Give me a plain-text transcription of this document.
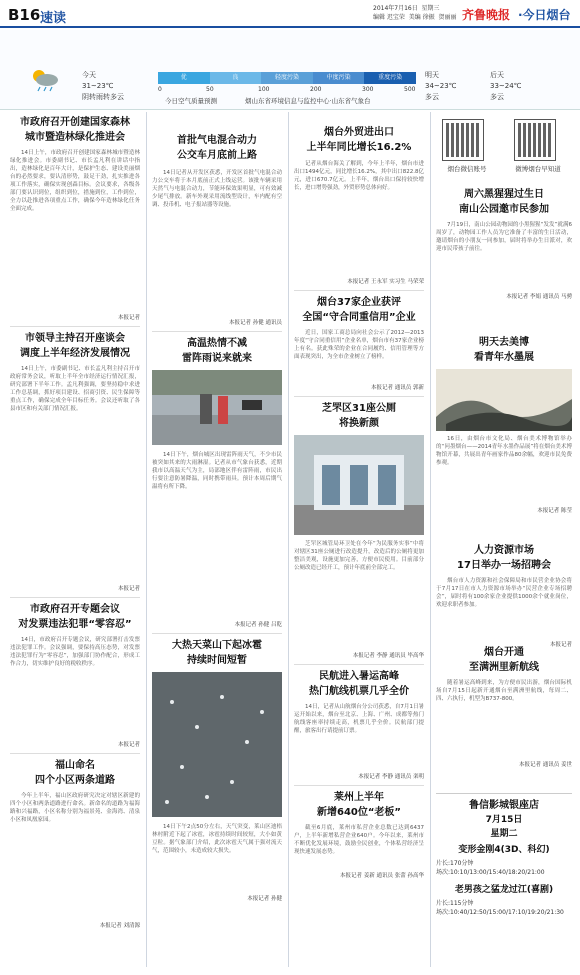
B16 速读
2014年7月16日  星期三
编辑 迟宝荣  美编 徐振  贺丽丽 齐鲁晚报 ·今日烟台
今天
31~23℃
阴转雨转多云
优	良	轻度污染	中度污染	重度污染
0	50	100	200	300	500
今日空气质量预测	烟山东省环境信息与监控中心·山东省气象台
明天
34~23℃
多云
后天
33~24℃
多云
市政府召开创建国家森林
城市暨造林绿化推进会
14日上午，市政府召开创建国家森林城市暨造林绿化推进会。市委副书记、市长孟凡利在讲话中指出，造林绿化是百年大计，是保护生态、建设美丽烟台的必然要求，要认清形势，鼓足干劲，扎实推进各项工作落实，确保实现创森目标。会议要求，各级各部门要认识到位，组织到位，措施到位，工作到位，全力以赴推进各项重点工作，确保今年造林绿化任务全面完成。
本报记者
市领导主持召开座谈会
调度上半年经济发展情况
14日上午，市委副书记、市长孟凡利主持召开市政府常务会议，听取上半年全市经济运行情况汇报，研究部署下半年工作。孟凡利强调，要坚持稳中求进工作总基调，抓好项目建设、招商引资、民生保障等重点工作，确保完成全年目标任务。会议还听取了各县市区和有关部门情况汇报。
本报记者
市政府召开专题会议
对发票违法犯罪“零容忍”
14日，市政府召开专题会议，研究部署打击发票违法犯罪工作。会议强调，要保持高压态势，对发票违法犯罪行为“零容忍”，加强部门协作配合，形成工作合力，切实维护良好的税收秩序。
本报记者
福山命名
四个小区两条道路
今年上半年，福山区政府研究决定对辖区新建的四个小区和两条道路进行命名。新命名的道路为福海路和兴福路，小区名称分别为福景苑、金海湾、清泉小区和凤凰家园。
本报记者 刘清源
首批气电混合动力
公交车月底前上路
14日记者从开发区获悉，开发区首批气电混合动力公交车将于本月底前正式上线运营。该批车辆采用天然气与电混合动力，节能环保效果明显，可有效减少尾气排放。新车外观采用流线型设计，车内配有空调、投币机、电子报站器等设施。
本报记者 孙健 通讯员
高温热情不减
雷阵雨说来就来
14日下午，烟台城区出现雷阵雨天气，不少市民被突如其来的大雨淋湿。记者从市气象台获悉，近期我市以高温天气为主，局部地区伴有雷阵雨，市民出行要注意防暑降温，同时携带雨具。预计本周后期气温将有所下降。
本报记者 孙健 吕乾
大热天菜山下起冰雹
持续时间短暂
14日下午2点50分左右，天气突变，莱山区迪梧林村附近下起了冰雹，冰雹持续时间较短，大小如黄豆粒。据气象部门介绍，此次冰雹天气属于强对流天气，范围较小，未造成较大损失。
本报记者 孙健
烟台外贸进出口
上半年同比增长16.2%
记者从烟台海关了解到，今年上半年，烟台市进出口1494亿元，同比增长16.2%，其中出口822.8亿元，进口670.7亿元。上半年，烟台出口保持较快增长，进口增势强劲，外贸形势总体向好。
本报记者 王永军 实习生 马荣荣
烟台37家企业获评
全国“守合同重信用”企业
近日，国家工商总局向社会公示了2012—2013年度“守合同重信用”企业名单，烟台市有37家企业榜上有名。获此殊荣的企业在合同履约、信用管理等方面表现突出，为全市企业树立了榜样。
本报记者 通讯员 郭新
芝罘区31座公厕
将换新颜
芝罘区城管局环卫处在今年“为民服务实事”中将对辖区31座公厕进行改造提升，改造后的公厕将更加整洁美观，设施更加完善，方便市民使用。目前部分公厕改造已经开工，预计年底前全部完工。
本报记者 李静 通讯员 毕高华
民航进入暑运高峰
热门航线机票几乎全价
14日，记者从山航烟台分公司获悉，自7月1日暑运开始以来，烟台至北京、上海、广州、成都等热门航线客座率持续走高，机票几乎全价。民航部门提醒，旅客出行请提前订票。
本报记者 李静 通讯员 栾明
莱州上半年
新增640位“老板”
截至6月底，莱州市私营企业总数已达到6437户，上半年新增私营企业640户。今年以来，莱州市不断优化发展环境，鼓励全民创业，个体私营经济呈现快速发展态势。
本报记者 姜新 通讯员 张蕾 孙高华
烟台微信账号	微博烟台早知道
周六黑猩猩过生日
南山公园邀市民参加
7月19日，南山公园动物园的小黑猩猩“发发”就满6周岁了，动物园工作人员为它准备了丰富的生日活动，邀请烟台的小朋友一同参加，届时将举办生日派对，欢迎市民带孩子前往。
本报记者 李娟 通讯员 马骋
明天去美博
看青年水墨展
16日，由烟台市文化局、烟台美术博物馆举办的“问墨烟台——2014青年水墨作品展”将在烟台美术博物馆开幕，共展出青年画家作品80余幅，欢迎市民免费参观。
本报记者 陈莹
人力资源市场
17日举办一场招聘会
烟台市人力资源和社会保障局和市民营企业协会将于7月17日在市人力资源市场举办“民营企业专场招聘会”，届时将有100余家企业提供1000余个就业岗位，欢迎求职者参加。
本报记者
烟台开通
至满洲里新航线
随着暑运高峰到来，为方便市民出游，烟台国际机场自7月15日起新开通烟台至满洲里航线，每周二、四、六执行，机型为B737-800。
本报记者 通讯员 姜世
鲁信影城银座店
7月15日
星期二
变形金刚4(3D、科幻)
片长:170分钟
场次:10:10/13:00/15:40/18:20/21:00
老男孩之猛龙过江(喜剧)
片长:115分钟
场次:10:40/12:50/15:00/17:10/19:20/21:30
